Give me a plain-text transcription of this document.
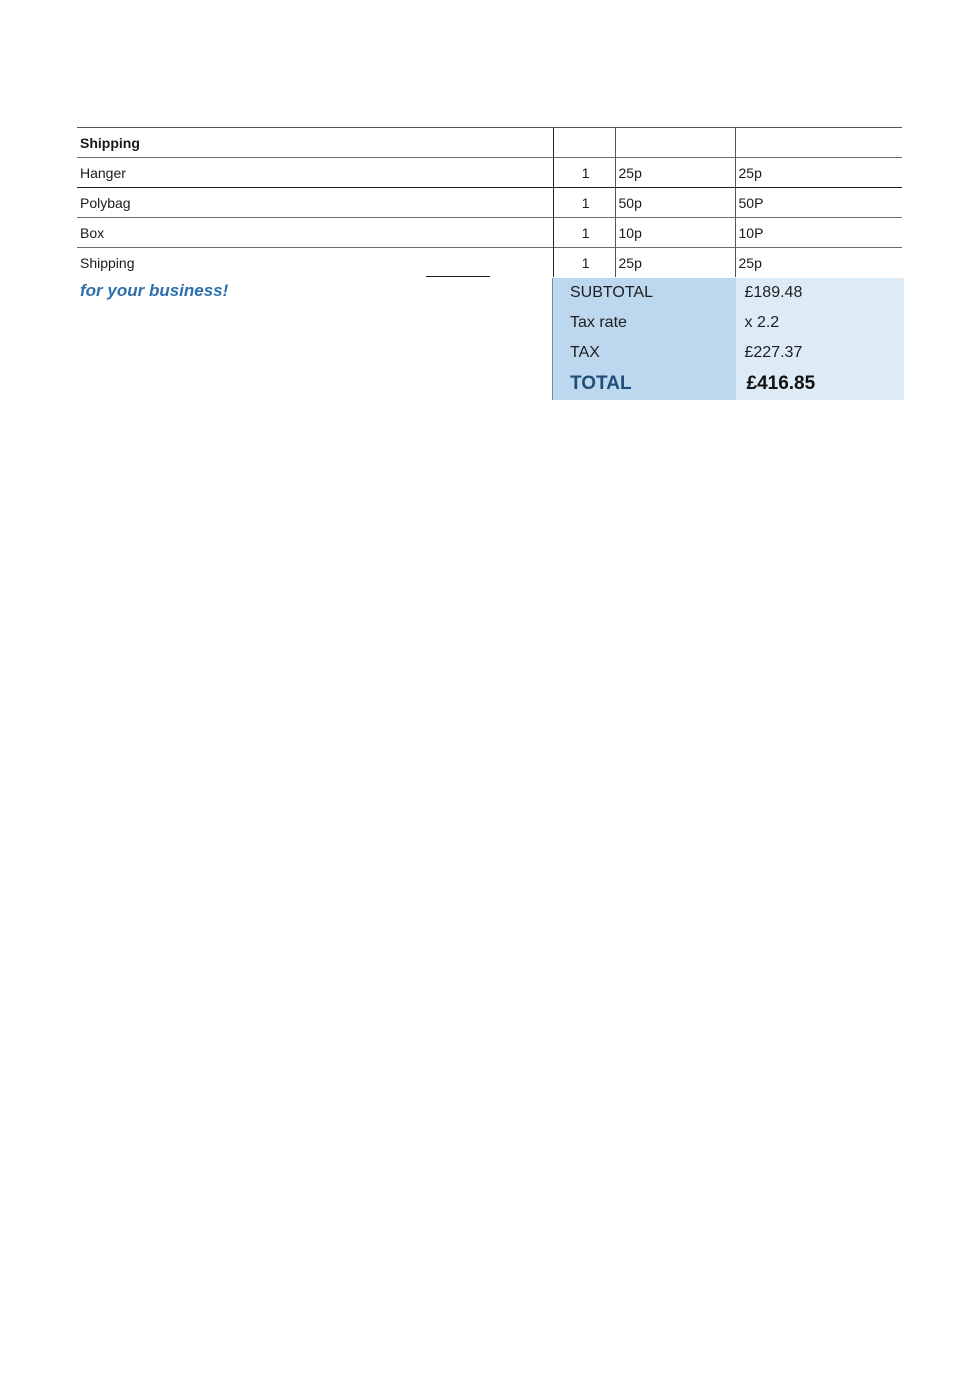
Shipping			
Hanger	1	25p	25p
Polybag	1	50p	50P
Box	1	10p	10P
Shipping	1	25p	25p
for your business!	SUBTOTAL	£189.48
Tax rate	x 2.2
TAX	£227.37
TOTAL	£416.85
